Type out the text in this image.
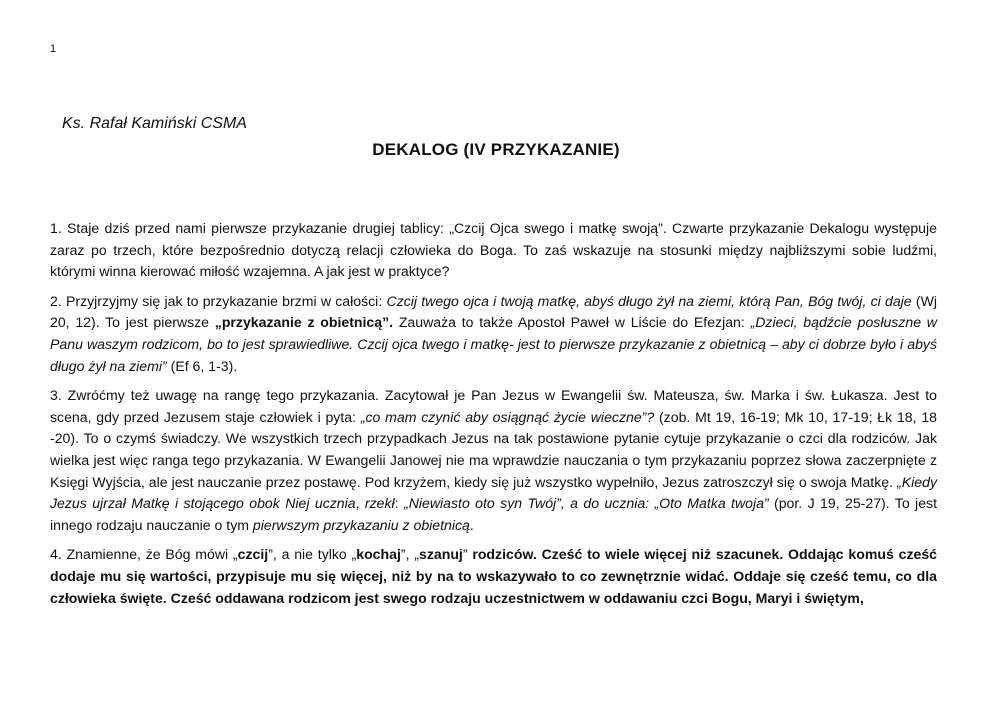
1
Ks. Rafał Kamiński CSMA
DEKALOG (IV PRZYKAZANIE)

1. Staje dziś przed nami pierwsze przykazanie drugiej tablicy: „Czcij Ojca swego i matkę swoją”. Czwarte przykazanie Dekalogu występuje zaraz po trzech, które bezpośrednio dotyczą relacji człowieka do Boga. To zaś wskazuje na stosunki między najbliższymi sobie ludźmi, którymi winna kierować miłość wzajemna. A jak jest w praktyce?

2. Przyjrzyjmy się jak to przykazanie brzmi w całości: Czcij twego ojca i twoją matkę, abyś długo żył na ziemi, którą Pan, Bóg twój, ci daje (Wj 20, 12). To jest pierwsze „przykazanie z obietnicą”. Zauważa to także Apostoł Paweł w Liście do Efezjan: „Dzieci, bądźcie posłuszne w Panu waszym rodzicom, bo to jest sprawiedliwe. Czcij ojca twego i matkę- jest to pierwsze przykazanie z obietnicą – aby ci dobrze było i abyś długo żył na ziemi” (Ef 6, 1-3).

3. Zwróćmy też uwagę na rangę tego przykazania. Zacytował je Pan Jezus w Ewangelii św. Mateusza, św. Marka i św. Łukasza. Jest to scena, gdy przed Jezusem staje człowiek i pyta: „co mam czynić aby osiągnąć życie wieczne”? (zob. Mt 19, 16-19; Mk 10, 17-19; Łk 18, 18 -20). To o czymś świadczy. We wszystkich trzech przypadkach Jezus na tak postawione pytanie cytuje przykazanie o czci dla rodziców. Jak wielka jest więc ranga tego przykazania. W Ewangelii Janowej nie ma wprawdzie nauczania o tym przykazaniu poprzez słowa zaczerpnięte z Księgi Wyjścia, ale jest nauczanie przez postawę. Pod krzyżem, kiedy się już wszystko wypełniło, Jezus zatroszczył się o swoja Matkę. „Kiedy Jezus ujrzał Matkę i stojącego obok Niej ucznia, rzekł: „Niewiasto oto syn Twój”, a do ucznia: „Oto Matka twoja” (por. J 19, 25-27). To jest innego rodzaju nauczanie o tym pierwszym przykazaniu z obietnicą.

4. Znamienne, że Bóg mówi „czcij”, a nie tylko „kochaj”, „szanuj” rodziców. Cześć to wiele więcej niż szacunek. Oddając komuś cześć dodaje mu się wartości, przypisuje mu się więcej, niż by na to wskazywało to co zewnętrznie widać. Oddaje się cześć temu, co dla człowieka święte. Cześć oddawana rodzicom jest swego rodzaju uczestnictwem w oddawaniu czci Bogu, Maryi i świętym,
